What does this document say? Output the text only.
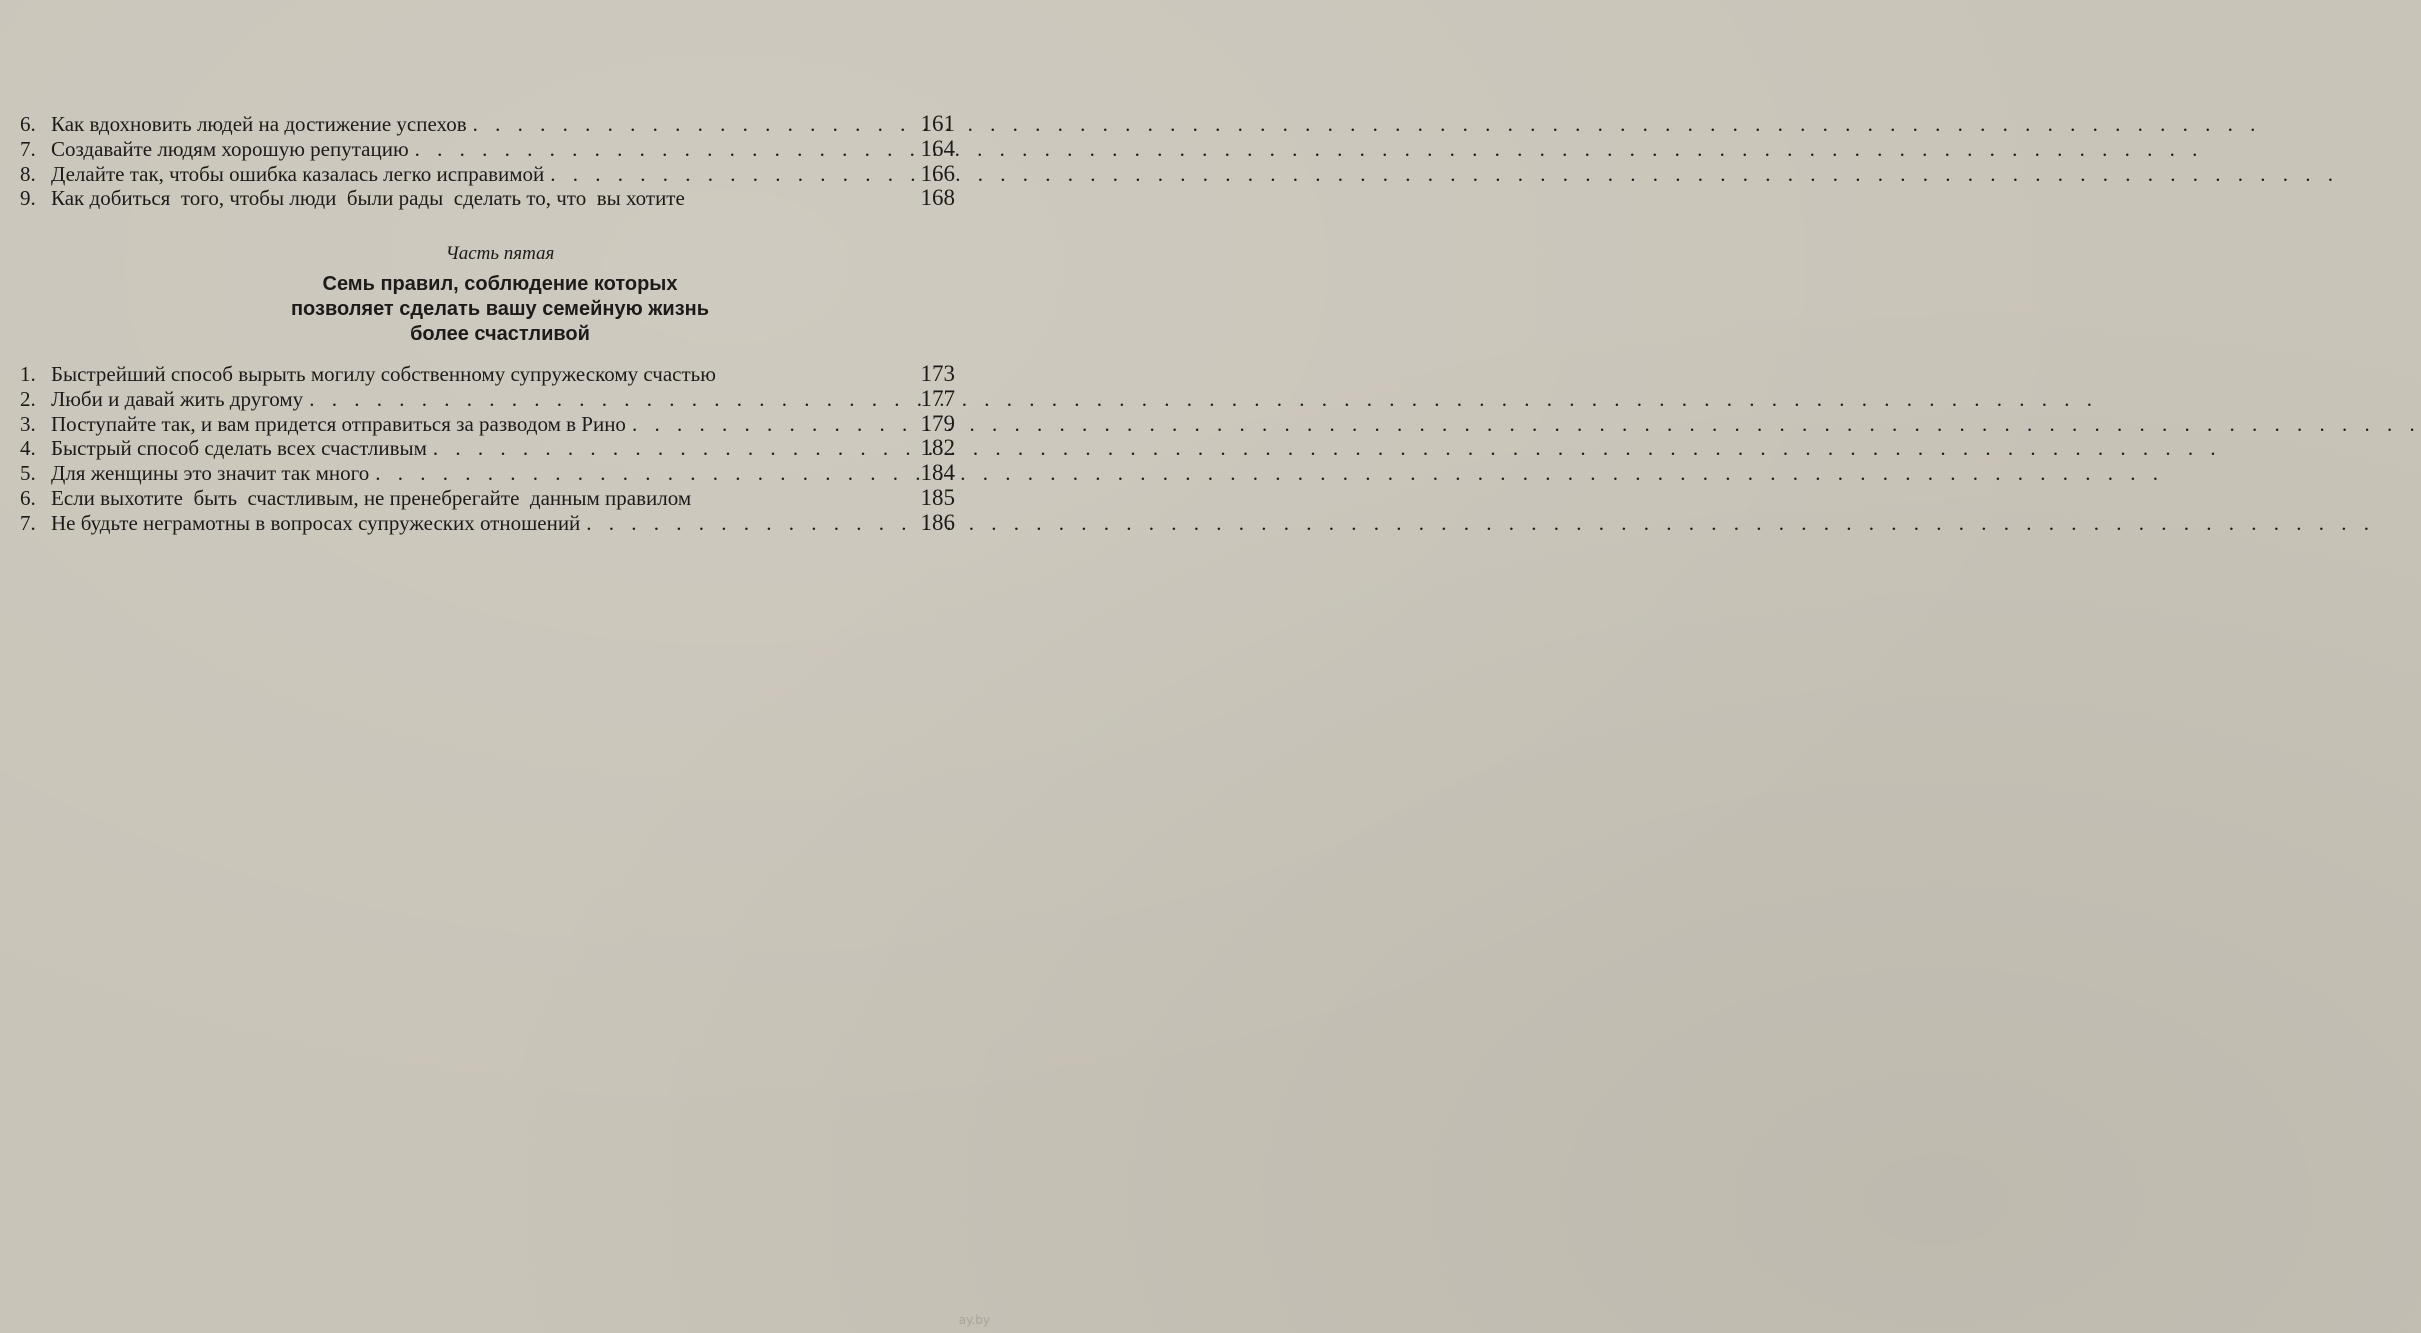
6. Как вдохновить людей на достижение успехов . . .	161
7. Создавайте людям хорошую репутацию . . .	164
8. Делайте так, чтобы ошибка казалась легко исправимой . . .	166
9. Как добиться  того, чтобы люди  были рады  сделать то, что  вы хотите	168
Часть пятая
Семь правил, соблюдение которых
позволяет сделать вашу семейную жизнь
более счастливой
1. Быстрейший способ вырыть могилу собственному супружескому счастью	173
2. Люби и давай жить другому . . .	177
3. Поступайте так, и вам придется отправиться за разводом в Рино . . .	179
4. Быстрый способ сделать всех счастливым . . .	182
5. Для женщины это значит так много . . .	184
6. Если выхотите  быть  счастливым, не пренебрегайте  данным правилом	185
7. Не будьте неграмотны в вопросах супружеских отношений . . .	186
ay.by
